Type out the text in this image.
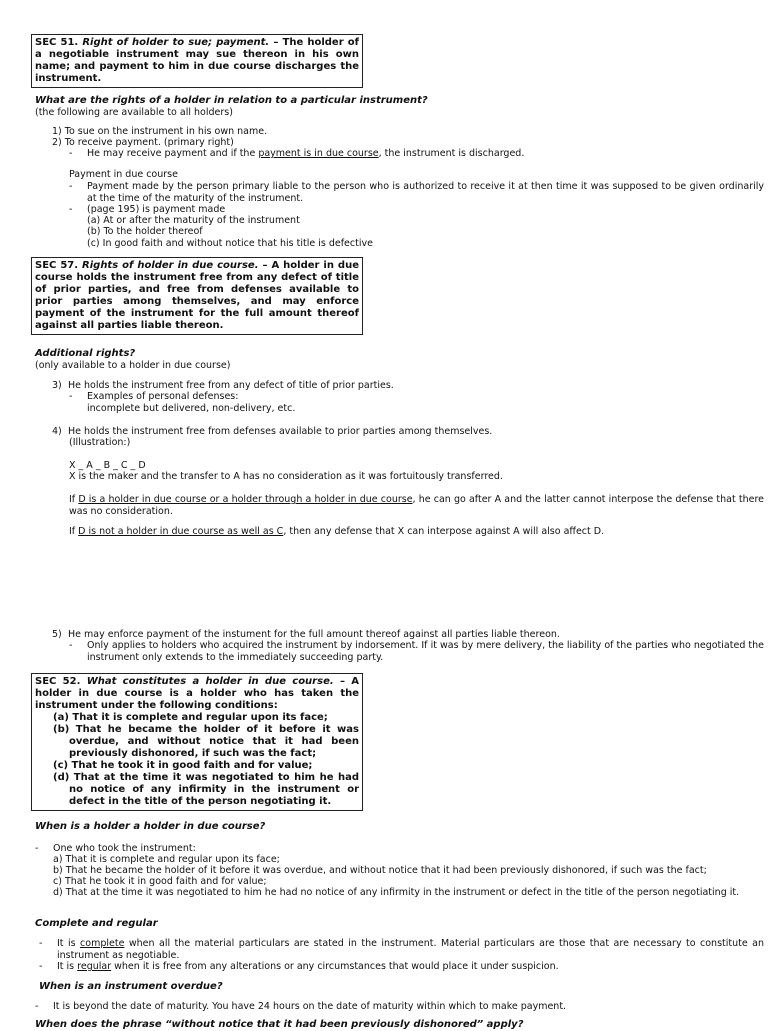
SEC 51. Right of holder to sue; payment. – The holder of a negotiable instrument may sue thereon in his own name; and payment to him in due course discharges the instrument.
What are the rights of a holder in relation to a particular instrument?
(the following are available to all holders)
1) To sue on the instrument in his own name.
2) To receive payment. (primary right)
- He may receive payment and if the payment is in due course, the instrument is discharged.
Payment in due course
-	Payment made by the person primary liable to the person who is authorized to receive it at then time it was supposed to be given ordinarily at the time of the maturity of the instrument.
- (page 195) is payment made
(a) At or after the maturity of the instrument
(b) To the holder thereof
(c) In good faith and without notice that his title is defective
SEC 57. Rights of holder in due course. – A holder in due course holds the instrument free from any defect of title of prior parties, and free from defenses available to prior parties among themselves, and may enforce payment of the instrument for the full amount thereof against all parties liable thereon.
Additional rights?
(only available to a holder in due course)
3) He holds the instrument free from any defect of title of prior parties.
- Examples of personal defenses:
incomplete but delivered, non-delivery, etc.
4) He holds the instrument free from defenses available to prior parties among themselves.
(Illustration:)
X _ A _ B _ C _ D
X is the maker and the transfer to A has no consideration as it was fortuitously transferred.
If D is a holder in due course or a holder through a holder in due course, he can go after A and the latter cannot interpose the defense that there was no consideration.
If D is not a holder in due course as well as C, then any defense that X can interpose against A will also affect D.
5) He may enforce payment of the instument for the full amount thereof against all parties liable thereon.
-	Only applies to holders who acquired the instrument by indorsement. If it was by mere delivery, the liability of the parties who negotiated the instrument only extends to the immediately succeeding party.
SEC 52. What constitutes a holder in due course. – A holder in due course is a holder who has taken the instrument under the following conditions:
(a) That it is complete and regular upon its face;
(b) That he became the holder of it before it was overdue, and without notice that it had been previously dishonored, if such was the fact;
(c) That he took it in good faith and for value;
(d) That at the time it was negotiated to him he had no notice of any infirmity in the instrument or defect in the title of the person negotiating it.
When is a holder a holder in due course?
- One who took the instrument:
a) That it is complete and regular upon its face;
b) That he became the holder of it before it was overdue, and without notice that it had been previously dishonored, if such was the fact;
c) That he took it in good faith and for value;
d) That at the time it was negotiated to him he had no notice of any infirmity in the instrument or defect in the title of the person negotiating it.
Complete and regular
-	It is complete when all the material particulars are stated in the instrument. Material particulars are those that are necessary to constitute an instrument as negotiable.
- It is regular when it is free from any alterations or any circumstances that would place it under suspicion.
When is an instrument overdue?
- It is beyond the date of maturity. You have 24 hours on the date of maturity within which to make payment.
When does the phrase “without notice that it had been previously dishonored” apply?
